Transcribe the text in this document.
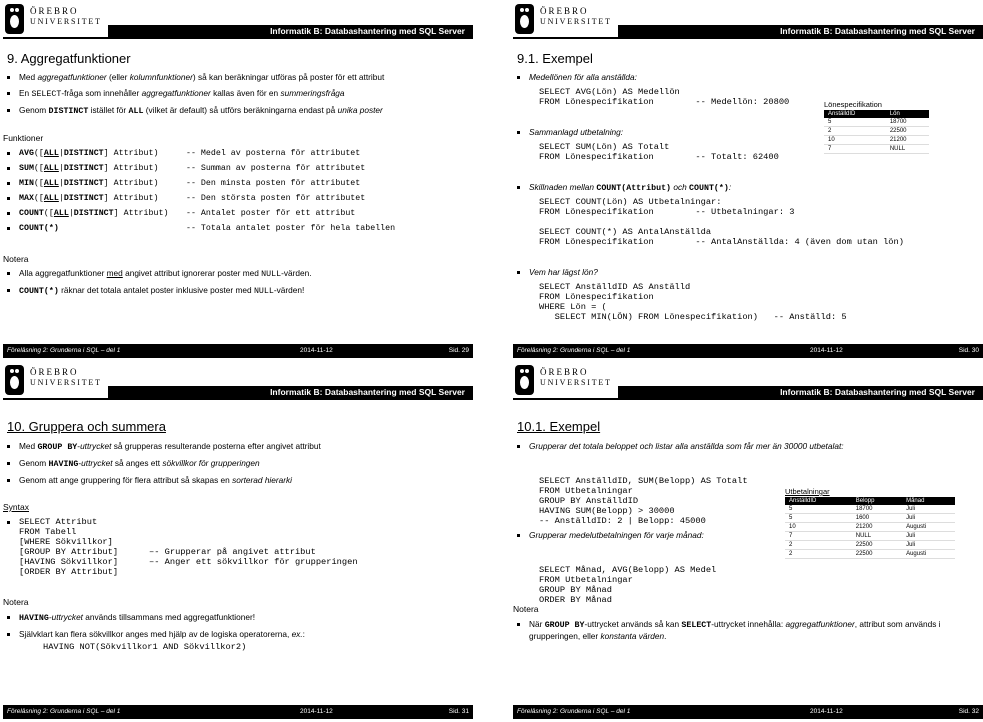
Informatik B: Databashantering med SQL Server
ÖREBRO
UNIVERSITET
9. Aggregatfunktioner
Med aggregatfunktioner (eller kolumnfunktioner) så kan beräkningar utföras på poster för ett attribut
En SELECT-fråga som innehåller aggregatfunktioner kallas även för en summeringsfråga
Genom DISTINCT istället för ALL (vilket är default) så utförs beräkningarna endast på unika poster
Funktioner
AVG([ALL|DISTINCT] Attribut)	-- Medel av posterna för attributet
SUM([ALL|DISTINCT] Attribut)	-- Summan av posterna för attributet
MIN([ALL|DISTINCT] Attribut)	-- Den minsta posten för attributet
MAX([ALL|DISTINCT] Attribut)	-- Den största posten för attributet
COUNT([ALL|DISTINCT] Attribut) -- Antalet poster för ett attribut
COUNT(*)	-- Totala antalet poster för hela tabellen
Notera
Alla aggregatfunktioner med angivet attribut ignorerar poster med NULL-värden.
COUNT(*) räknar det totala antalet poster inklusive poster med NULL-värden!
Föreläsning 2: Grunderna i SQL – del 1	2014-11-12	Sid. 29
Informatik B: Databashantering med SQL Server
ÖREBRO
UNIVERSITET
9.1. Exempel
Medellönen för alla anställda:
SELECT AVG(Lön) AS Medellön
FROM Lönespecifikation        -- Medellön: 20800
Sammanlagd utbetalning:
SELECT SUM(Lön) AS Totalt
FROM Lönespecifikation        -- Totalt: 62400
Skillnaden mellan COUNT(Attribut) och COUNT(*):
SELECT COUNT(Lön) AS Utbetalningar:
FROM Lönespecifikation        -- Utbetalningar: 3
SELECT COUNT(*) AS AntalAnställda
FROM Lönespecifikation        -- AntalAnställda: 4 (även dom utan lön)
Vem har lägst lön?
SELECT AnställdID AS Anställd
FROM Lönespecifikation
WHERE Lön = (
SELECT MIN(LÖN) FROM Lönespecifikation)   -- Anställd: 5
Lönespecifikation
AnställdID	Lön
5	18700
2	22500
10	21200
7	NULL
Föreläsning 2: Grunderna i SQL – del 1	2014-11-12	Sid. 30
Informatik B: Databashantering med SQL Server
ÖREBRO
UNIVERSITET
10. Gruppera och summera
Med GROUP BY-uttrycket så grupperas resulterande posterna efter angivet attribut
Genom HAVING-uttrycket så anges ett sökvillkor för grupperingen
Genom att ange gruppering för flera attribut så skapas en sorterad hierarki
Syntax
SELECT Attribut
FROM Tabell
[WHERE Sökvillkor]
[GROUP BY Attribut]
[HAVING Sökvillkor]
[ORDER BY Attribut]
–- Grupperar på angivet attribut
–- Anger ett sökvillkor för grupperingen
Notera
HAVING-uttrycket används tillsammans med aggregatfunktioner!
Självklart kan flera sökvillkor anges med hjälp av de logiska operatorerna, ex.:
HAVING NOT(Sökvillkor1 AND Sökvillkor2)
Föreläsning 2: Grunderna i SQL – del 1	2014-11-12	Sid. 31
Informatik B: Databashantering med SQL Server
ÖREBRO
UNIVERSITET
10.1. Exempel
Grupperar det totala beloppet och listar alla anställda som får mer än 30000 utbetalat:

SELECT AnställdID, SUM(Belopp) AS Totalt
FROM Utbetalningar
GROUP BY AnställdID
HAVING SUM(Belopp) > 30000
-- AnställdID: 2 | Belopp: 45000

Grupperar medelutbetalningen för varje månad:

SELECT Månad, AVG(Belopp) AS Medel
FROM Utbetalningar
GROUP BY Månad
ORDER BY Månad

Notera
När GROUP BY-uttrycket används så kan SELECT-uttrycket innehålla: aggregatfunktioner, attribut som används i grupperingen, eller konstanta värden.
Utbetalningar
AnställdID	Belopp	Månad
5	18700	Juli
5	1600	Juli
10	21200	Augusti
7	NULL	Juli
2	22500	Juli
2	22500	Augusti
Föreläsning 2: Grunderna i SQL – del 1	2014-11-12	Sid. 32
